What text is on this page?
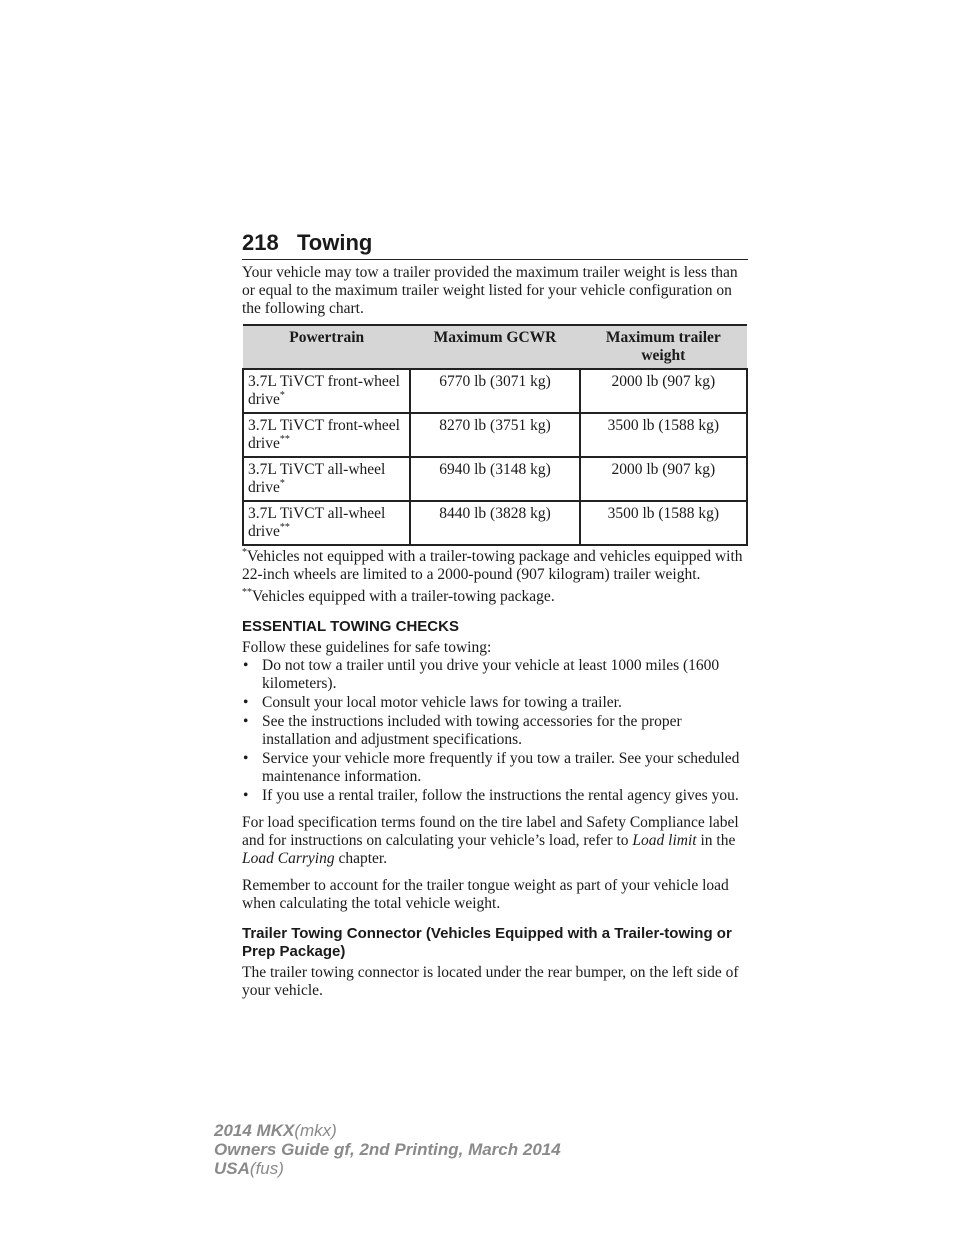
218 Towing

Your vehicle may tow a trailer provided the maximum trailer weight is less than or equal to the maximum trailer weight listed for your vehicle configuration on the following chart.

Powertrain	Maximum GCWR	Maximum trailer weight
3.7L TiVCT front-wheel drive*	6770 lb (3071 kg)	2000 lb (907 kg)
3.7L TiVCT front-wheel drive**	8270 lb (3751 kg)	3500 lb (1588 kg)
3.7L TiVCT all-wheel drive*	6940 lb (3148 kg)	2000 lb (907 kg)
3.7L TiVCT all-wheel drive**	8440 lb (3828 kg)	3500 lb (1588 kg)

*Vehicles not equipped with a trailer-towing package and vehicles equipped with 22-inch wheels are limited to a 2000-pound (907 kilogram) trailer weight.

**Vehicles equipped with a trailer-towing package.

ESSENTIAL TOWING CHECKS

Follow these guidelines for safe towing:

• Do not tow a trailer until you drive your vehicle at least 1000 miles (1600 kilometers).
• Consult your local motor vehicle laws for towing a trailer.
• See the instructions included with towing accessories for the proper installation and adjustment specifications.
• Service your vehicle more frequently if you tow a trailer. See your scheduled maintenance information.
• If you use a rental trailer, follow the instructions the rental agency gives you.

For load specification terms found on the tire label and Safety Compliance label and for instructions on calculating your vehicle’s load, refer to Load limit in the Load Carrying chapter.

Remember to account for the trailer tongue weight as part of your vehicle load when calculating the total vehicle weight.

Trailer Towing Connector (Vehicles Equipped with a Trailer-towing or Prep Package)

The trailer towing connector is located under the rear bumper, on the left side of your vehicle.

2014 MKX(mkx)
Owners Guide gf, 2nd Printing, March 2014
USA(fus)
